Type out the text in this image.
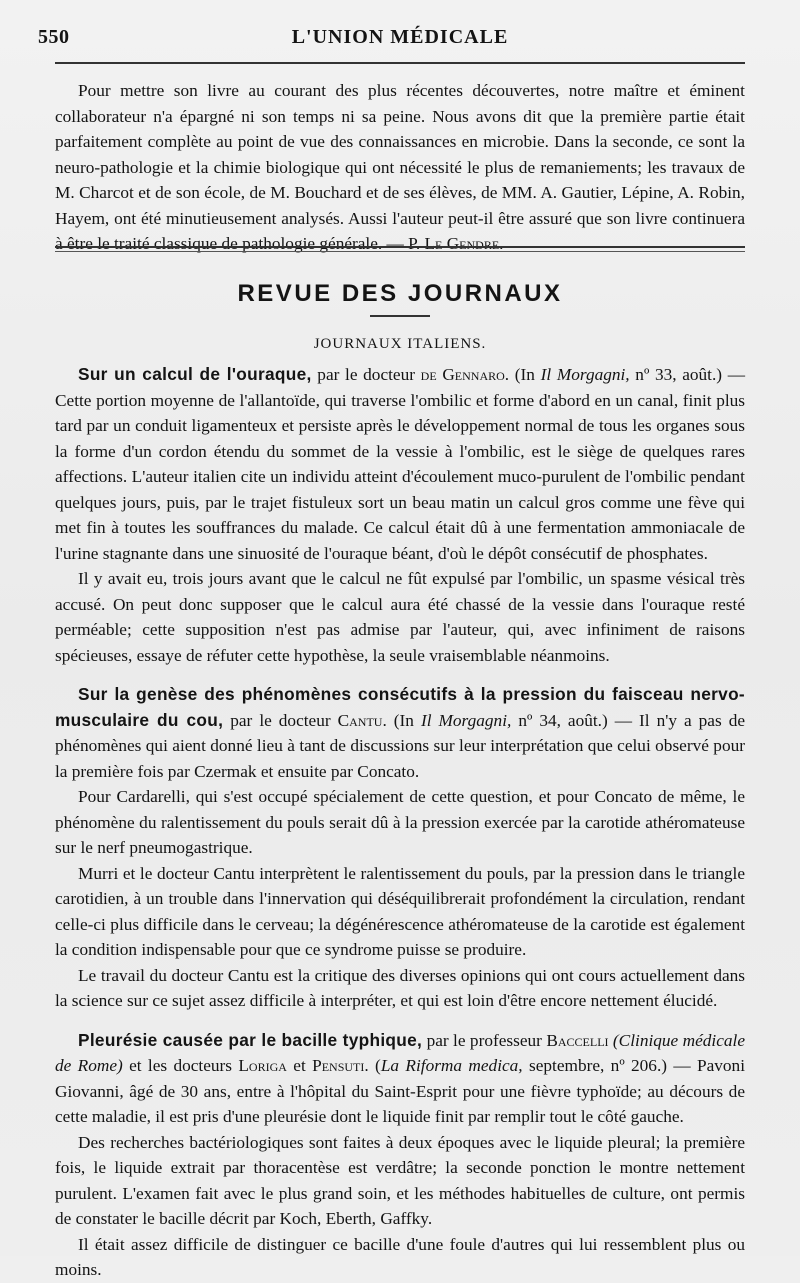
550	L'UNION MÉDICALE

Pour mettre son livre au courant des plus récentes découvertes, notre maître et éminent collaborateur n'a épargné ni son temps ni sa peine. Nous avons dit que la première partie était parfaitement complète au point de vue des connaissances en microbie. Dans la seconde, ce sont la neuro-pathologie et la chimie biologique qui ont nécessité le plus de remaniements; les travaux de M. Charcot et de son école, de M. Bouchard et de ses élèves, de MM. A. Gautier, Lépine, A. Robin, Hayem, ont été minutieusement analysés. Aussi l'auteur peut-il être assuré que son livre continuera à être le traité classique de pathologie générale. — P. Le Gendre.

REVUE DES JOURNAUX
JOURNAUX ITALIENS.

Sur un calcul de l'ouraque, par le docteur de Gennaro. (In Il Morgagni, nº 33, août.) — Cette portion moyenne de l'allantoïde, qui traverse l'ombilic et forme d'abord en un canal, finit plus tard par un conduit ligamenteux et persiste après le développement normal de tous les organes sous la forme d'un cordon étendu du sommet de la vessie à l'ombilic, est le siège de quelques rares affections. L'auteur italien cite un individu atteint d'écoulement muco-purulent de l'ombilic pendant quelques jours, puis, par le trajet fistuleux sort un beau matin un calcul gros comme une fève qui met fin à toutes les souffrances du malade. Ce calcul était dû à une fermentation ammoniacale de l'urine stagnante dans une sinuosité de l'ouraque béant, d'où le dépôt consécutif de phosphates.

Il y avait eu, trois jours avant que le calcul ne fût expulsé par l'ombilic, un spasme vésical très accusé. On peut donc supposer que le calcul aura été chassé de la vessie dans l'ouraque resté perméable; cette supposition n'est pas admise par l'auteur, qui, avec infiniment de raisons spécieuses, essaye de réfuter cette hypothèse, la seule vraisemblable néanmoins.

Sur la genèse des phénomènes consécutifs à la pression du faisceau nervo-musculaire du cou, par le docteur Cantu. (In Il Morgagni, nº 34, août.) — Il n'y a pas de phénomènes qui aient donné lieu à tant de discussions sur leur interprétation que celui observé pour la première fois par Czermak et ensuite par Concato.

Pour Cardarelli, qui s'est occupé spécialement de cette question, et pour Concato de même, le phénomène du ralentissement du pouls serait dû à la pression exercée par la carotide athéromateuse sur le nerf pneumogastrique.

Murri et le docteur Cantu interprètent le ralentissement du pouls, par la pression dans le triangle carotidien, à un trouble dans l'innervation qui déséquilibrerait profondément la circulation, rendant celle-ci plus difficile dans le cerveau; la dégénérescence athéromateuse de la carotide est également la condition indispensable pour que ce syndrome puisse se produire.

Le travail du docteur Cantu est la critique des diverses opinions qui ont cours actuellement dans la science sur ce sujet assez difficile à interpréter, et qui est loin d'être encore nettement élucidé.

Pleurésie causée par le bacille typhique, par le professeur Baccelli (Clinique médicale de Rome) et les docteurs Loriga et Pensuti. (La Riforma medica, septembre, nº 206.) — Pavoni Giovanni, âgé de 30 ans, entre à l'hôpital du Saint-Esprit pour une fièvre typhoïde; au décours de cette maladie, il est pris d'une pleurésie dont le liquide finit par remplir tout le côté gauche.

Des recherches bactériologiques sont faites à deux époques avec le liquide pleural; la première fois, le liquide extrait par thoracentèse est verdâtre; la seconde ponction le montre nettement purulent. L'examen fait avec le plus grand soin, et les méthodes habituelles de culture, ont permis de constater le bacille décrit par Koch, Eberth, Gaffky.

Il était assez difficile de distinguer ce bacille d'une foule d'autres qui lui ressemblent plus ou moins.
